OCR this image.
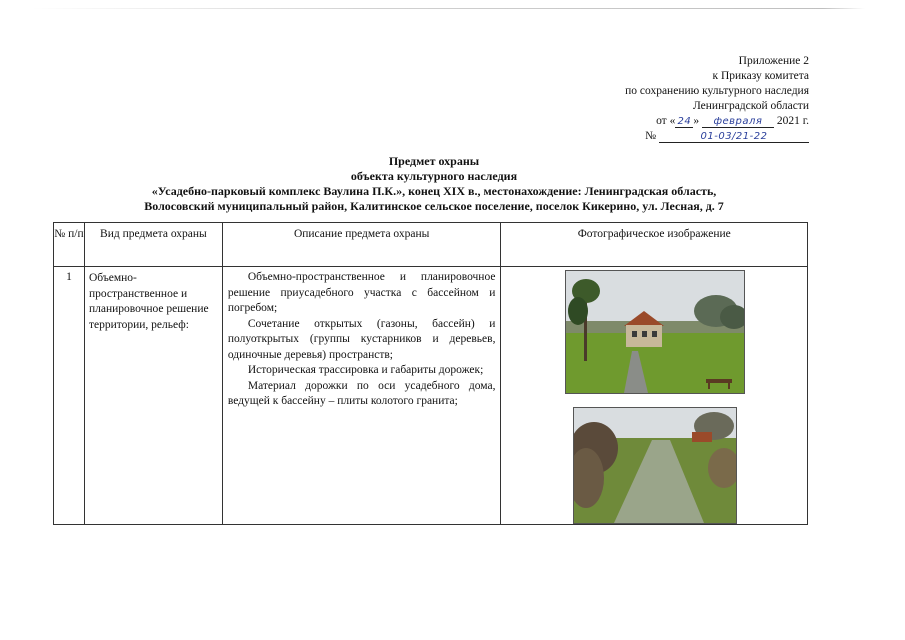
Приложение 2
к Приказу комитета
по сохранению культурного наследия
Ленинградской области
от « 24 » февраля 2021 г.
№	01-03/21-22
Предмет охраны
объекта культурного наследия
«Усадебно-парковый комплекс Ваулина П.К.», конец XIX в., местонахождение: Ленинградская область,
Волосовский муниципальный район, Калитинское сельское поселение, поселок Кикерино, ул. Лесная, д. 7
№ п/п	Вид предмета охраны	Описание предмета охраны	Фотографическое изображение
1	Объемно-пространственное и планировочное решение территории, рельеф:	Объемно-пространственное и планировочное решение приусадебного участка с бассейном и погребом;

Сочетание открытых (газоны, бассейн) и полуоткрытых (группы кустарников и деревьев, одиночные деревья) пространств;

Историческая трассировка и габариты дорожек;

Материал дорожки по оси усадебного дома, ведущей к бассейну – плиты колотого гранита;
